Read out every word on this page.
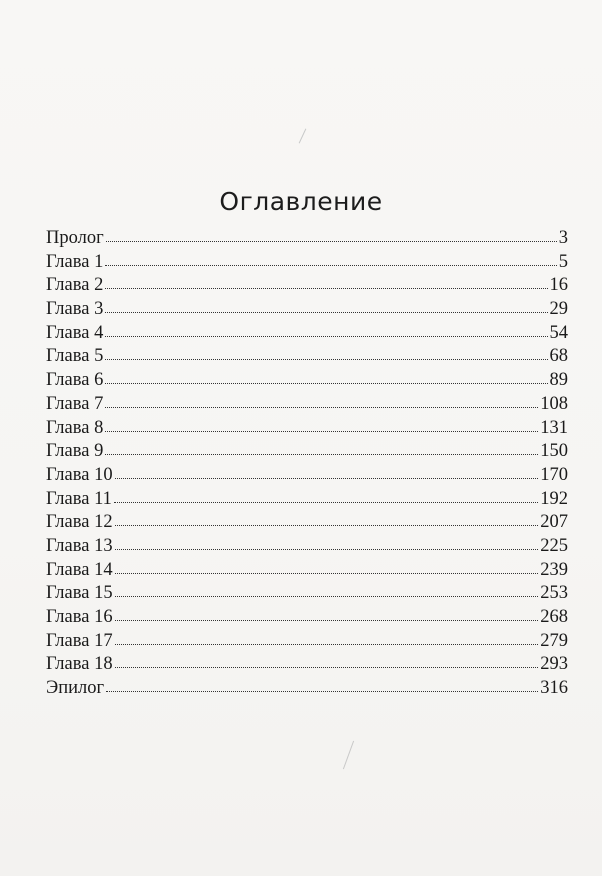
Оглавление
Пролог	3
Глава 1	5
Глава 2	16
Глава 3	29
Глава 4	54
Глава 5	68
Глава 6	89
Глава 7	108
Глава 8	131
Глава 9	150
Глава 10	170
Глава 11	192
Глава 12	207
Глава 13	225
Глава 14	239
Глава 15	253
Глава 16	268
Глава 17	279
Глава 18	293
Эпилог	316
